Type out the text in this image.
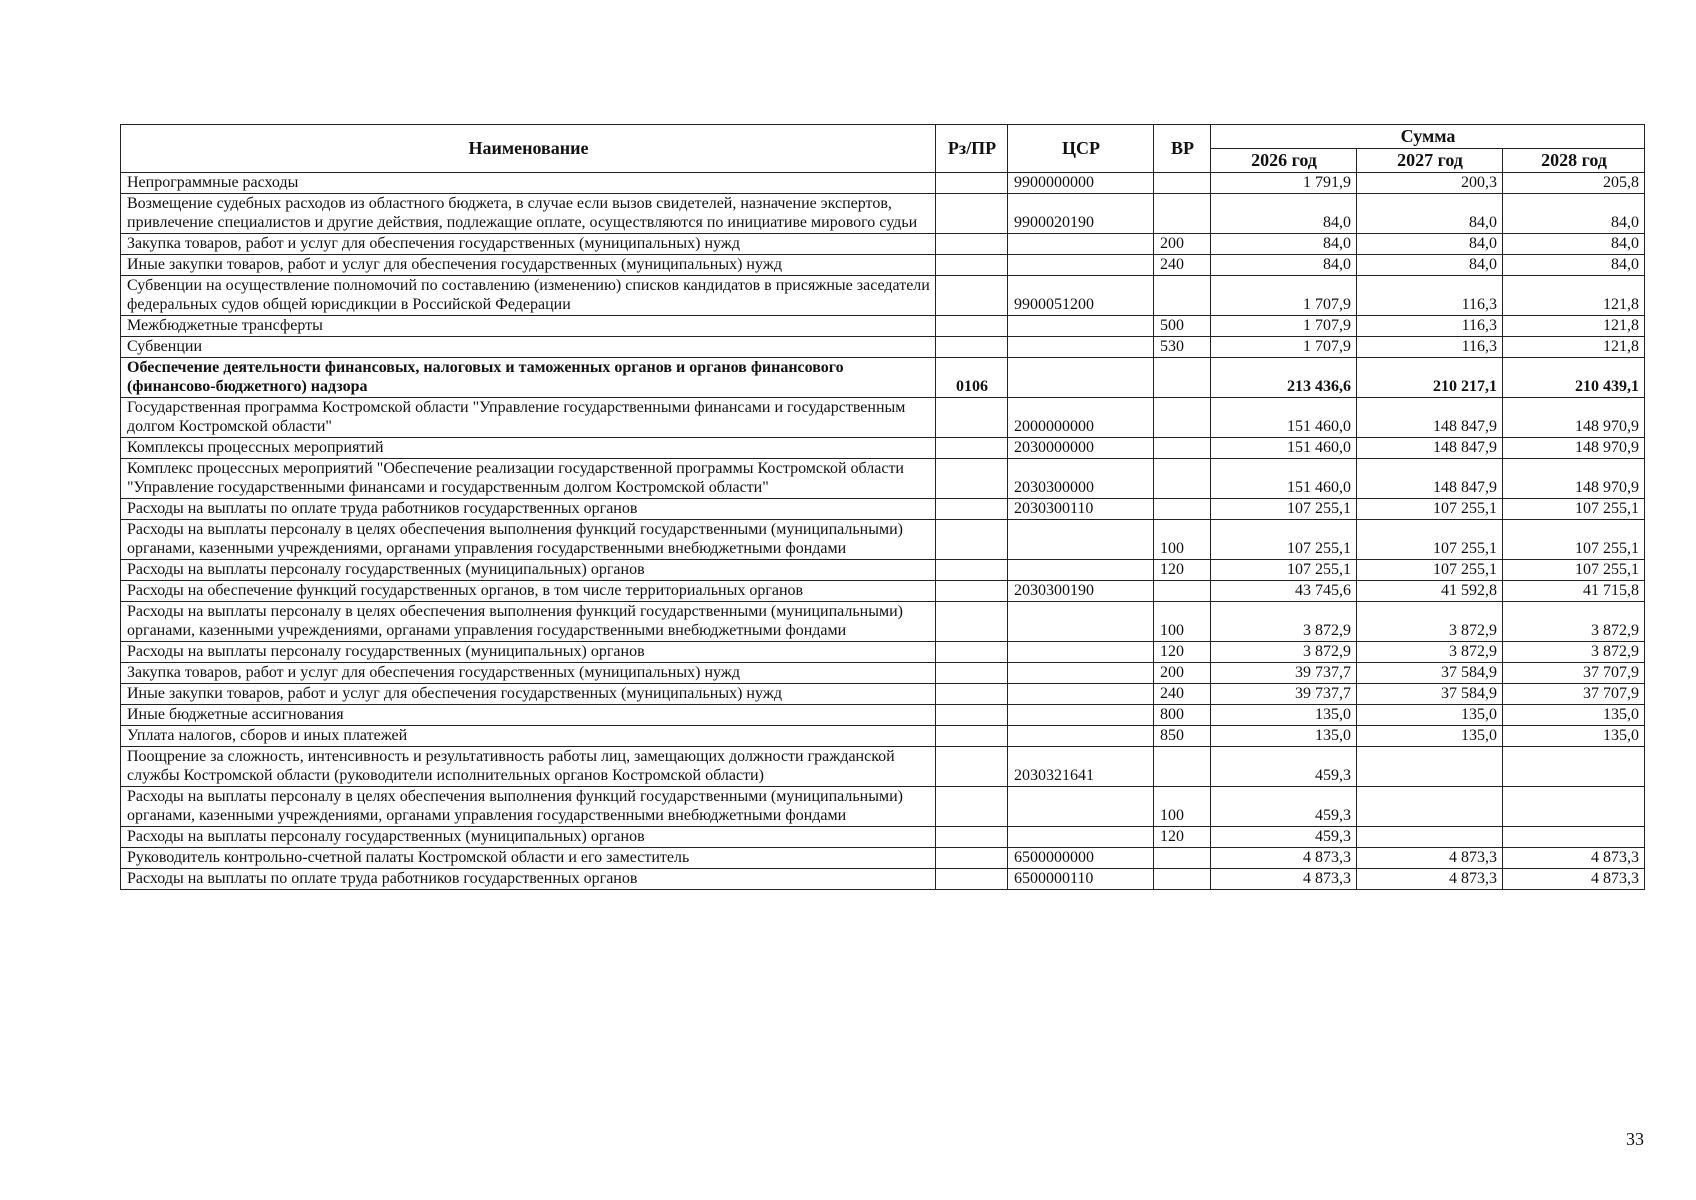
Наименование	Рз/ПР	ЦСР	ВР	Сумма		
				2026 год	2027 год	2028 год
Непрограммные расходы		9900000000		1 791,9	200,3	205,8
Возмещение судебных расходов из областного бюджета, в случае если вызов свидетелей, назначение экспертов, привлечение специалистов и другие действия, подлежащие оплате, осуществляются по инициативе мирового судьи		9900020190		84,0	84,0	84,0
Закупка товаров, работ и услуг для обеспечения государственных (муниципальных) нужд			200	84,0	84,0	84,0
Иные закупки товаров, работ и услуг для обеспечения государственных (муниципальных) нужд			240	84,0	84,0	84,0
Субвенции на осуществление полномочий по составлению (изменению) списков кандидатов в присяжные заседатели федеральных судов общей юрисдикции в Российской Федерации		9900051200		1 707,9	116,3	121,8
Межбюджетные трансферты			500	1 707,9	116,3	121,8
Субвенции			530	1 707,9	116,3	121,8
Обеспечение деятельности финансовых, налоговых и таможенных органов и органов финансового (финансово-бюджетного) надзора	0106			213 436,6	210 217,1	210 439,1
Государственная программа Костромской области "Управление государственными финансами и государственным долгом Костромской области"		2000000000		151 460,0	148 847,9	148 970,9
Комплексы процессных мероприятий		2030000000		151 460,0	148 847,9	148 970,9
Комплекс процессных мероприятий "Обеспечение реализации государственной программы Костромской области "Управление государственными финансами и государственным долгом Костромской области"		2030300000		151 460,0	148 847,9	148 970,9
Расходы на выплаты по оплате труда работников государственных органов		2030300110		107 255,1	107 255,1	107 255,1
Расходы на выплаты персоналу в целях обеспечения выполнения функций государственными (муниципальными) органами, казенными учреждениями, органами управления государственными внебюджетными фондами			100	107 255,1	107 255,1	107 255,1
Расходы на выплаты персоналу государственных (муниципальных) органов			120	107 255,1	107 255,1	107 255,1
Расходы на обеспечение функций государственных органов, в том числе территориальных органов		2030300190		43 745,6	41 592,8	41 715,8
Расходы на выплаты персоналу в целях обеспечения выполнения функций государственными (муниципальными) органами, казенными учреждениями, органами управления государственными внебюджетными фондами			100	3 872,9	3 872,9	3 872,9
Расходы на выплаты персоналу государственных (муниципальных) органов			120	3 872,9	3 872,9	3 872,9
Закупка товаров, работ и услуг для обеспечения государственных (муниципальных) нужд			200	39 737,7	37 584,9	37 707,9
Иные закупки товаров, работ и услуг для обеспечения государственных (муниципальных) нужд			240	39 737,7	37 584,9	37 707,9
Иные бюджетные ассигнования			800	135,0	135,0	135,0
Уплата налогов, сборов и иных платежей			850	135,0	135,0	135,0
Поощрение за сложность, интенсивность и результативность работы лиц, замещающих должности гражданской службы Костромской области (руководители исполнительных органов Костромской области)		2030321641		459,3		
Расходы на выплаты персоналу в целях обеспечения выполнения функций государственными (муниципальными) органами, казенными учреждениями, органами управления государственными внебюджетными фондами			100	459,3		
Расходы на выплаты персоналу государственных (муниципальных) органов			120	459,3		
Руководитель контрольно-счетной палаты Костромской области и его заместитель		6500000000		4 873,3	4 873,3	4 873,3
Расходы на выплаты по оплате труда работников государственных органов		6500000110		4 873,3	4 873,3	4 873,3
33
